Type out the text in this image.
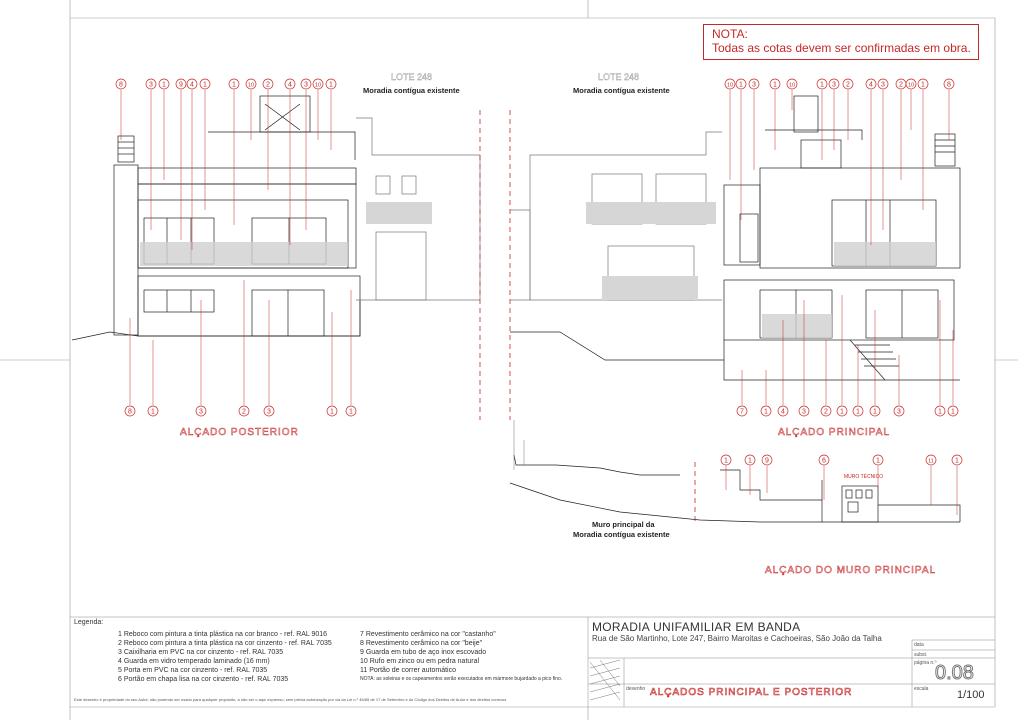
LOTE 248
Moradia contígua existente
LOTE 248
Moradia contígua existente
Muro principal da
Moradia contígua existente
ALÇADO POSTERIOR	ALÇADO PRINCIPAL
ALÇADO DO MURO PRINCIPAL
MURO TÉCNICO
8	3 1 9 4 1	1 10 2	4 3 10 1
8	1	3	2	3	1 1
10 1 3 1 10	1 3 2	4 3 2 10 1	8
7	1 4 3	2 1 1 1	3	1 1
1	1 9	6	1	11	1
NOTA:
Todas as cotas devem ser confirmadas em obra.
Legenda:
1 Reboco com pintura a tinta plástica na cor branco - ref. RAL 9016
2 Reboco com pintura a tinta plástica na cor cinzento - ref. RAL 7035
3 Caixilharia em PVC na cor cinzento - ref. RAL 7035
4 Guarda em vidro temperado laminado (16 mm)
5 Porta em PVC na cor cinzento - ref. RAL 7035
6 Portão em chapa lisa na cor cinzento - ref. RAL 7035
7 Revestimento cerâmico na cor "castanho"
8 Revestimento cerâmico na cor "beije"
9 Guarda em tubo de aço inox escovado
10 Rufo em zinco ou em pedra natural
11 Portão de correr automático
NOTA: as soleiras e os capeamentos serão executados em mármore bujardado a pico fino.
Este desenho é propriedade do seu Autor, não podendo ser usado para qualquer propósito, a não ser o aqui expresso, sem prévia autorização por via da Lei n.º 45/85 de 17 de Setembro e do Código dos Direitos de Autor e dos direitos conexos
MORADIA UNIFAMILIAR EM BANDA
Rua de São Martinho, Lote 247, Bairro Maroitas e Cachoeiras, São João da Talha
data
subst.
página n.º
desenho	escala
ALÇADOS PRINCIPAL E POSTERIOR
0.08
1/100
